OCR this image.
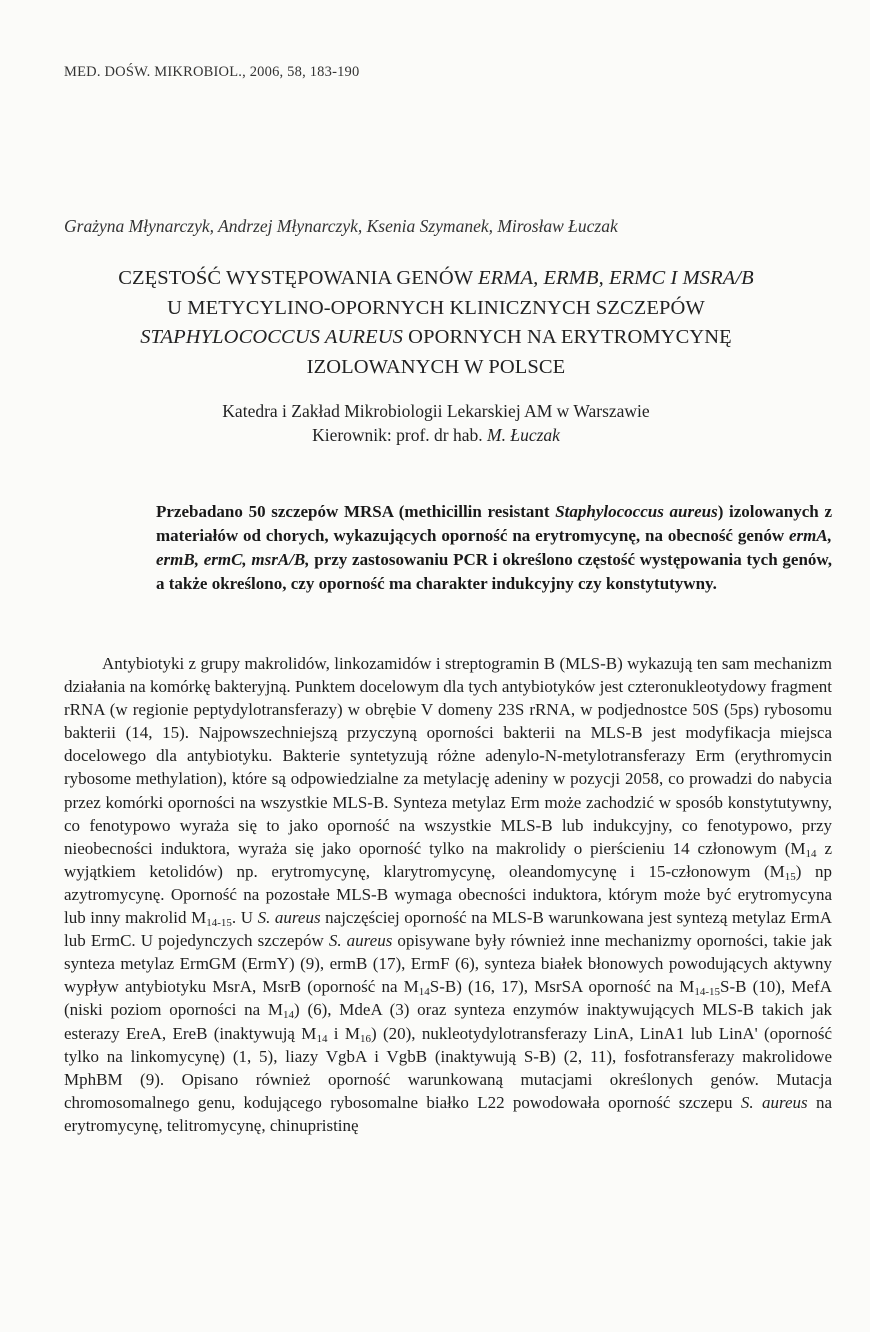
MED. DOŚW. MIKROBIOL., 2006, 58, 183-190
Grażyna Młynarczyk, Andrzej Młynarczyk, Ksenia Szymanek, Mirosław Łuczak
CZĘSTOŚĆ WYSTĘPOWANIA GENÓW ERMA, ERMB, ERMC I MSRA/B
U METYCYLINO-OPORNYCH KLINICZNYCH SZCZEPÓW
STAPHYLOCOCCUS AUREUS OPORNYCH NA ERYTROMYCYNĘ
IZOLOWANYCH W POLSCE
Katedra i Zakład Mikrobiologii Lekarskiej AM w Warszawie
Kierownik: prof. dr hab. M. Łuczak
Przebadano 50 szczepów MRSA (methicillin resistant Staphylococcus aureus) izolowanych z materiałów od chorych, wykazujących oporność na erytromycynę, na obecność genów ermA, ermB, ermC, msrA/B, przy zastosowaniu PCR i określono częstość występowania tych genów, a także określono, czy oporność ma charakter indukcyjny czy konstytutywny.
Antybiotyki z grupy makrolidów, linkozamidów i streptogramin B (MLS-B) wykazują ten sam mechanizm działania na komórkę bakteryjną. Punktem docelowym dla tych antybiotyków jest czteronukleotydowy fragment rRNA (w regionie peptydylotransferazy) w obrębie V domeny 23S rRNA, w podjednostce 50S (5ps) rybosomu bakterii (14, 15). Najpowszechniejszą przyczyną oporności bakterii na MLS-B jest modyfikacja miejsca docelowego dla antybiotyku. Bakterie syntetyzują różne adenylo-N-metylotransferazy Erm (erythromycin rybosome methylation), które są odpowiedzialne za metylację adeniny w pozycji 2058, co prowadzi do nabycia przez komórki oporności na wszystkie MLS-B. Synteza metylaz Erm może zachodzić w sposób konstytutywny, co fenotypowo wyraża się to jako oporność na wszystkie MLS-B lub indukcyjny, co fenotypowo, przy nieobecności induktora, wyraża się jako oporność tylko na makrolidy o pierścieniu 14 członowym ($M_{14}$ z wyjątkiem ketolidów) np. erytromycynę, klarytromycynę, oleandomycynę i 15-członowym $(M_{15})$ np azytromycynę. Oporność na pozostałe MLS-B wymaga obecności induktora, którym może być erytromycyna lub inny makrolid $M_{14-15}$. U S. aureus najczęściej oporność na MLS-B warunkowana jest syntezą metylaz ErmA lub ErmC. U pojedynczych szczepów S. aureus opisywane były również inne mechanizmy oporności, takie jak synteza metylaz ErmGM (ErmY) (9), ermB (17), ErmF (6), synteza białek błonowych powodujących aktywny wypływ antybiotyku MsrA, MsrB (oporność na $M_{14}S-B$) (16, 17), MsrSA oporność na $M_{14-15}S-B$ (10), MefA (niski poziom oporności na $M_{14}$) (6), MdeA (3) oraz synteza enzymów inaktywujących MLS-B takich jak esterazy EreA, EreB (inaktywują $M_{14}$ i $M_{16}$) (20), nukleotydylotransferazy LinA, LinA1 lub LinA' (oporność tylko na linkomycynę) (1, 5), liazy VgbA i VgbB (inaktywują S-B) (2, 11), fosfotransferazy makrolidowe MphBM (9). Opisano również oporność warunkowaną mutacjami określonych genów. Mutacja chromosomalnego genu, kodującego rybosomalne białko L22 powodowała oporność szczepu S. aureus na erytromycynę, telitromycynę, chinupristinę
